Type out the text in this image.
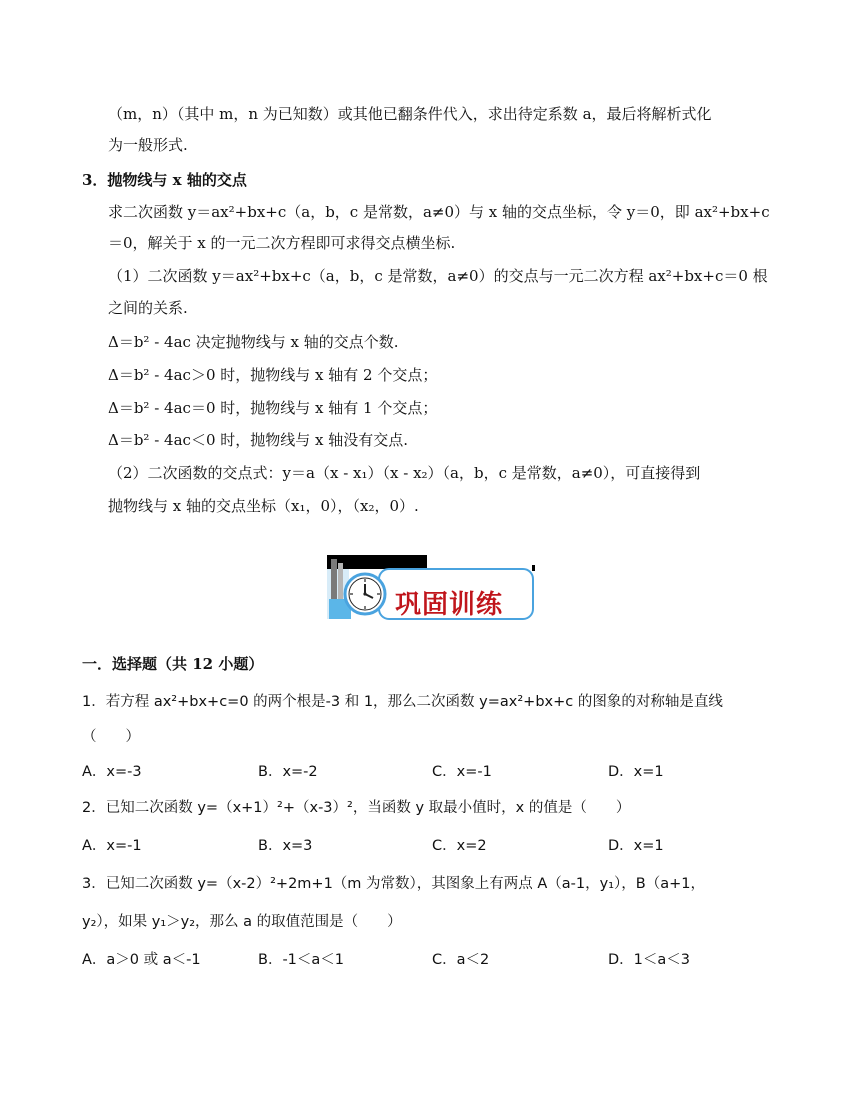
（m，n）（其中 m，n 为已知数）或其他已翻条件代入，求出待定系数 a，最后将解析式化
为一般形式.
3．抛物线与 x 轴的交点
求二次函数 y＝ax²+bx+c（a，b，c 是常数，a≠0）与 x 轴的交点坐标，令 y＝0，即 ax²+bx+c
＝0，解关于 x 的一元二次方程即可求得交点横坐标.
（1）二次函数 y＝ax²+bx+c（a，b，c 是常数，a≠0）的交点与一元二次方程 ax²+bx+c＝0 根
之间的关系.
Δ＝b² - 4ac 决定抛物线与 x 轴的交点个数.
Δ＝b² - 4ac＞0 时，抛物线与 x 轴有 2 个交点；
Δ＝b² - 4ac＝0 时，抛物线与 x 轴有 1 个交点；
Δ＝b² - 4ac＜0 时，抛物线与 x 轴没有交点.
（2）二次函数的交点式：y＝a（x - x₁）（x - x₂）（a，b，c 是常数，a≠0），可直接得到
抛物线与 x 轴的交点坐标（x₁，0），（x₂，0）.
巩固训练
一．选择题（共 12 小题）
1．若方程 ax²+bx+c=0 的两个根是-3 和 1，那么二次函数 y=ax²+bx+c 的图象的对称轴是直线
（　　）
A．x=-3	B．x=-2	C．x=-1	D．x=1
2．已知二次函数 y=（x+1）²+（x-3）²，当函数 y 取最小值时，x 的值是（　　）
A．x=-1	B．x=3	C．x=2	D．x=1
3．已知二次函数 y=（x-2）²+2m+1（m 为常数），其图象上有两点 A（a-1，y₁），B（a+1，
y₂），如果 y₁＞y₂，那么 a 的取值范围是（　　）
A．a＞0 或 a＜-1	B．-1＜a＜1	C．a＜2	D．1＜a＜3
